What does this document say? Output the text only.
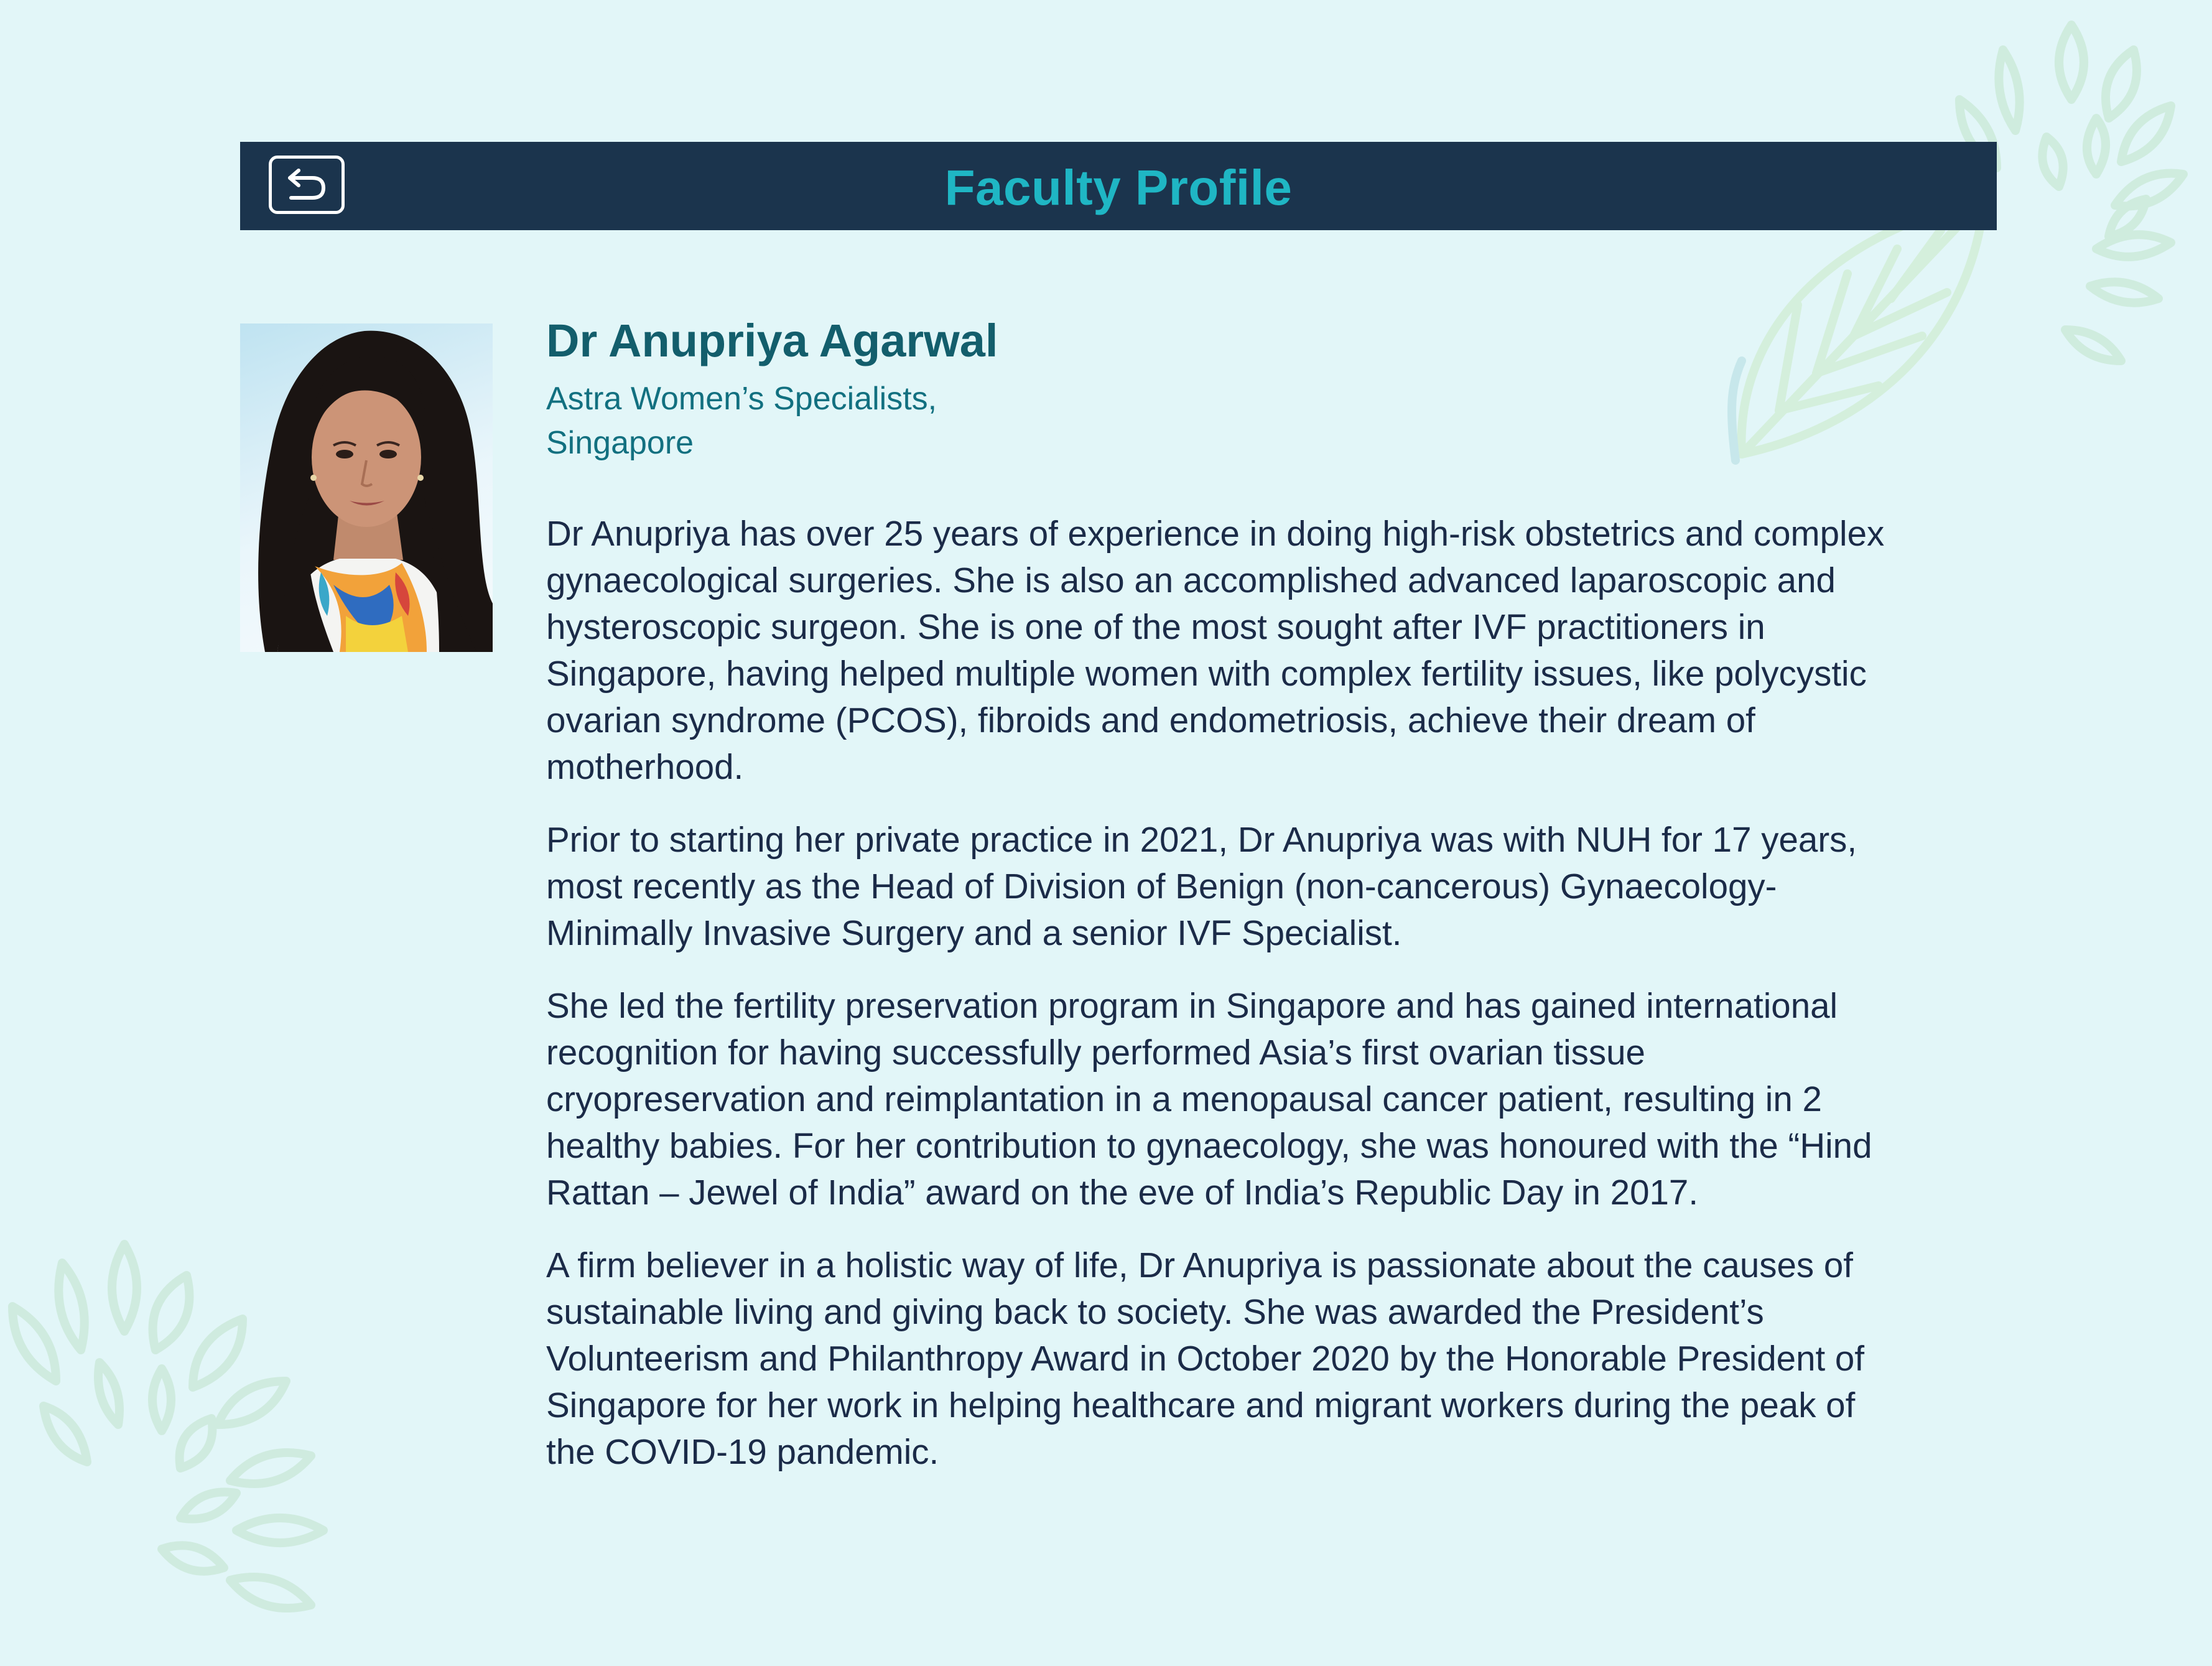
Faculty Profile
Dr Anupriya Agarwal
Astra Women’s Specialists,
Singapore

Dr Anupriya has over 25 years of experience in doing high-risk obstetrics and complex
gynaecological surgeries. She is also an accomplished advanced laparoscopic and
hysteroscopic surgeon. She is one of the most sought after IVF practitioners in
Singapore, having helped multiple women with complex fertility issues, like polycystic
ovarian syndrome (PCOS), fibroids and endometriosis, achieve their dream of
motherhood.

Prior to starting her private practice in 2021, Dr Anupriya was with NUH for 17 years,
most recently as the Head of Division of Benign (non-cancerous) Gynaecology-
Minimally Invasive Surgery and a senior IVF Specialist.

She led the fertility preservation program in Singapore and has gained international
recognition for having successfully performed Asia’s first ovarian tissue
cryopreservation and reimplantation in a menopausal cancer patient, resulting in 2
healthy babies. For her contribution to gynaecology, she was honoured with the “Hind
Rattan – Jewel of India” award on the eve of India’s Republic Day in 2017.

A firm believer in a holistic way of life, Dr Anupriya is passionate about the causes of
sustainable living and giving back to society. She was awarded the President’s
Volunteerism and Philanthropy Award in October 2020 by the Honorable President of
Singapore for her work in helping healthcare and migrant workers during the peak of
the COVID-19 pandemic.
